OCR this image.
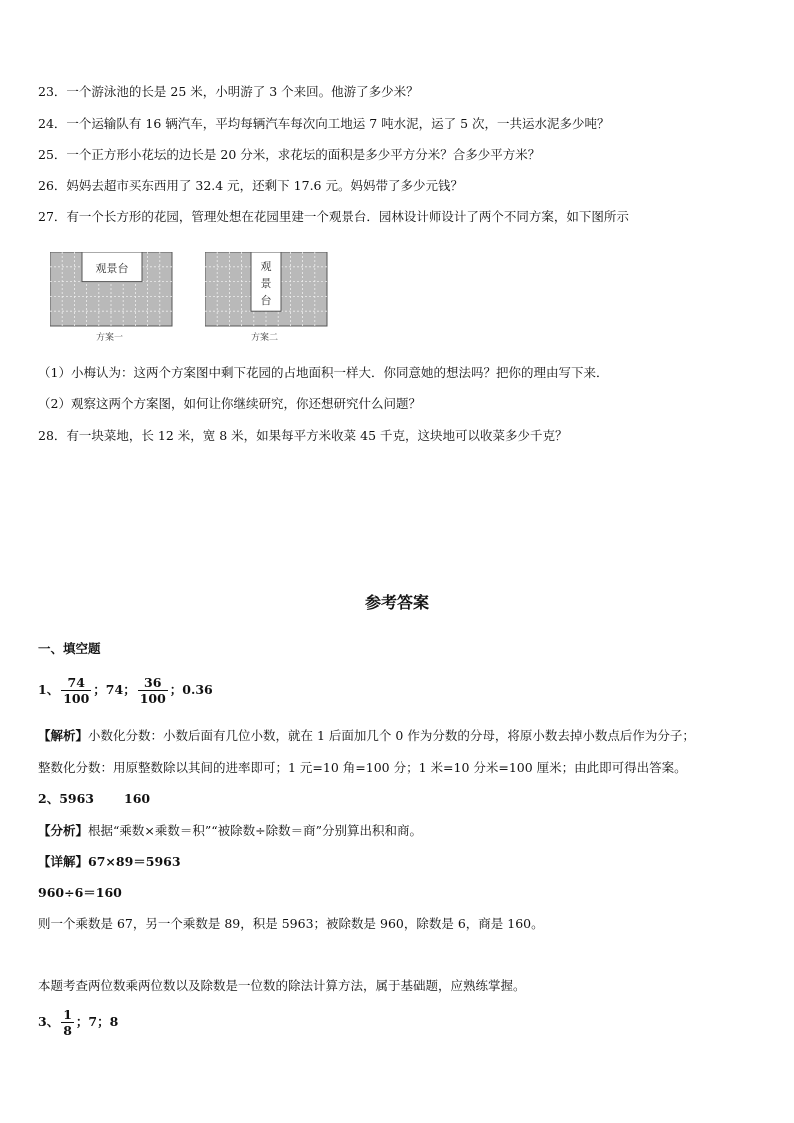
23．一个游泳池的长是 25 米，小明游了 3 个来回。他游了多少米？
24．一个运输队有 16 辆汽车，平均每辆汽车每次向工地运 7 吨水泥，运了 5 次，一共运水泥多少吨？
25．一个正方形小花坛的边长是 20 分米，求花坛的面积是多少平方分米？合多少平方米？
26．妈妈去超市买东西用了 32.4 元，还剩下 17.6 元。妈妈带了多少元钱？
27．有一个长方形的花园，管理处想在花园里建一个观景台．园林设计师设计了两个不同方案，如下图所示
观景台
方案一
观
景
台
方案二
（1）小梅认为：这两个方案图中剩下花园的占地面积一样大．你同意她的想法吗？把你的理由写下来．
（2）观察这两个方案图，如何让你继续研究，你还想研究什么问题？
28．有一块菜地，长 12 米，宽 8 米，如果每平方米收菜 45 千克，这块地可以收菜多少千克？
参考答案
一、填空题
1、 $\frac{74}{100}$ ；74； $\frac{36}{100}$ ；0.36
【解析】小数化分数：小数后面有几位小数，就在 1 后面加几个 0 作为分数的分母，将原小数去掉小数点后作为分子；
整数化分数：用原整数除以其间的进率即可；1 元=10 角=100 分；1 米=10 分米=100 厘米；由此即可得出答案。
2、5963 160
【分析】根据“乘数×乘数＝积”“被除数÷除数＝商”分别算出积和商。
【详解】67×89＝5963
960÷6＝160
则一个乘数是 67，另一个乘数是 89，积是 5963；被除数是 960，除数是 6，商是 160。
本题考查两位数乘两位数以及除数是一位数的除法计算方法，属于基础题，应熟练掌握。
3、 $\frac{1}{8}$ ；7；8
